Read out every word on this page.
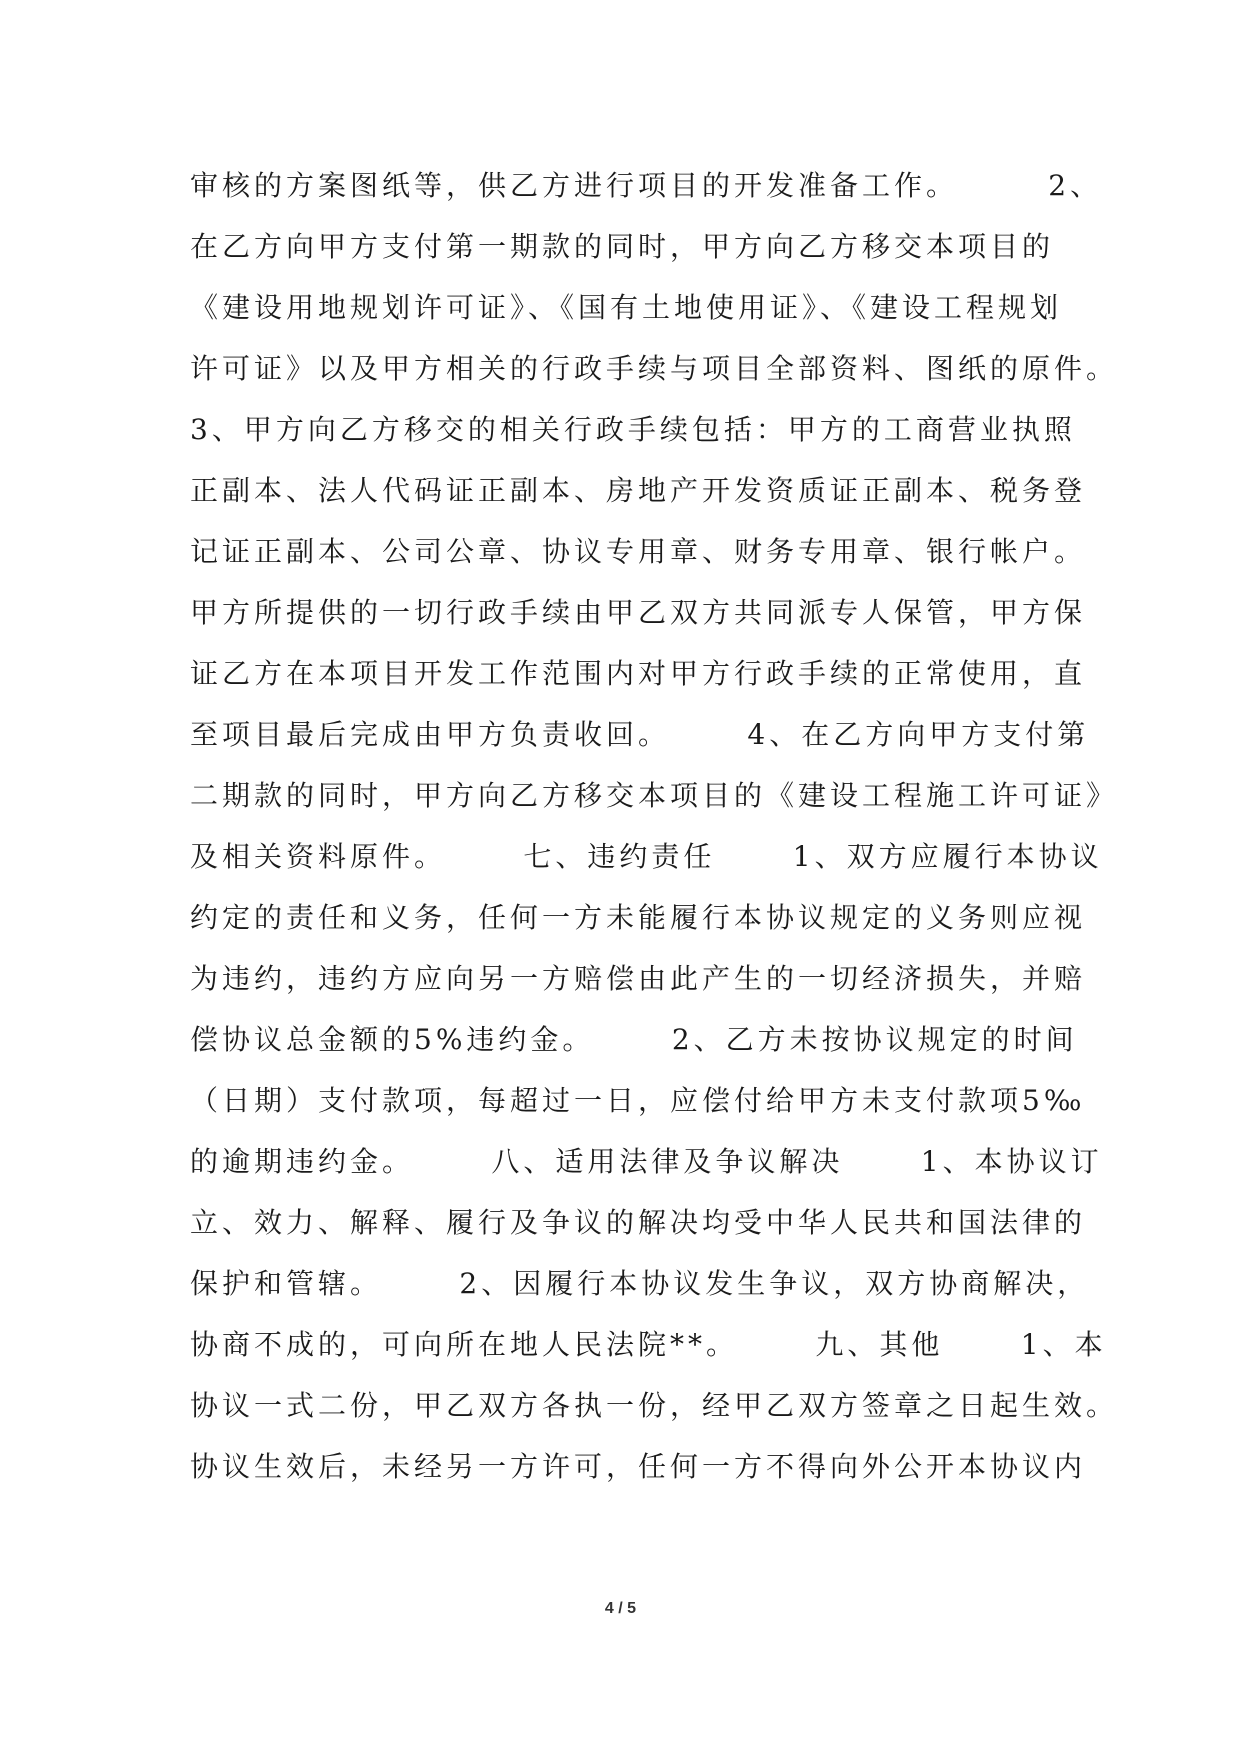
审核的方案图纸等，供乙方进行项目的开发准备工作。       2、
在乙方向甲方支付第一期款的同时，甲方向乙方移交本项目的
《建设用地规划许可证》、《国有土地使用证》、《建设工程规划
许可证》以及甲方相关的行政手续与项目全部资料、图纸的原件。
3、甲方向乙方移交的相关行政手续包括：甲方的工商营业执照
正副本、法人代码证正副本、房地产开发资质证正副本、税务登
记证正副本、公司公章、协议专用章、财务专用章、银行帐户。
甲方所提供的一切行政手续由甲乙双方共同派专人保管，甲方保
证乙方在本项目开发工作范围内对甲方行政手续的正常使用，直
至项目最后完成由甲方负责收回。      4、在乙方向甲方支付第
二期款的同时，甲方向乙方移交本项目的《建设工程施工许可证》
及相关资料原件。      七、违约责任      1、双方应履行本协议
约定的责任和义务，任何一方未能履行本协议规定的义务则应视
为违约，违约方应向另一方赔偿由此产生的一切经济损失，并赔
偿协议总金额的5%违约金。      2、乙方未按协议规定的时间
（日期）支付款项，每超过一日，应偿付给甲方未支付款项5‰
的逾期违约金。      八、适用法律及争议解决      1、本协议订
立、效力、解释、履行及争议的解决均受中华人民共和国法律的
保护和管辖。      2、因履行本协议发生争议，双方协商解决，
协商不成的，可向所在地人民法院**。      九、其他      1、本
协议一式二份，甲乙双方各执一份，经甲乙双方签章之日起生效。
协议生效后，未经另一方许可，任何一方不得向外公开本协议内
4 / 5
